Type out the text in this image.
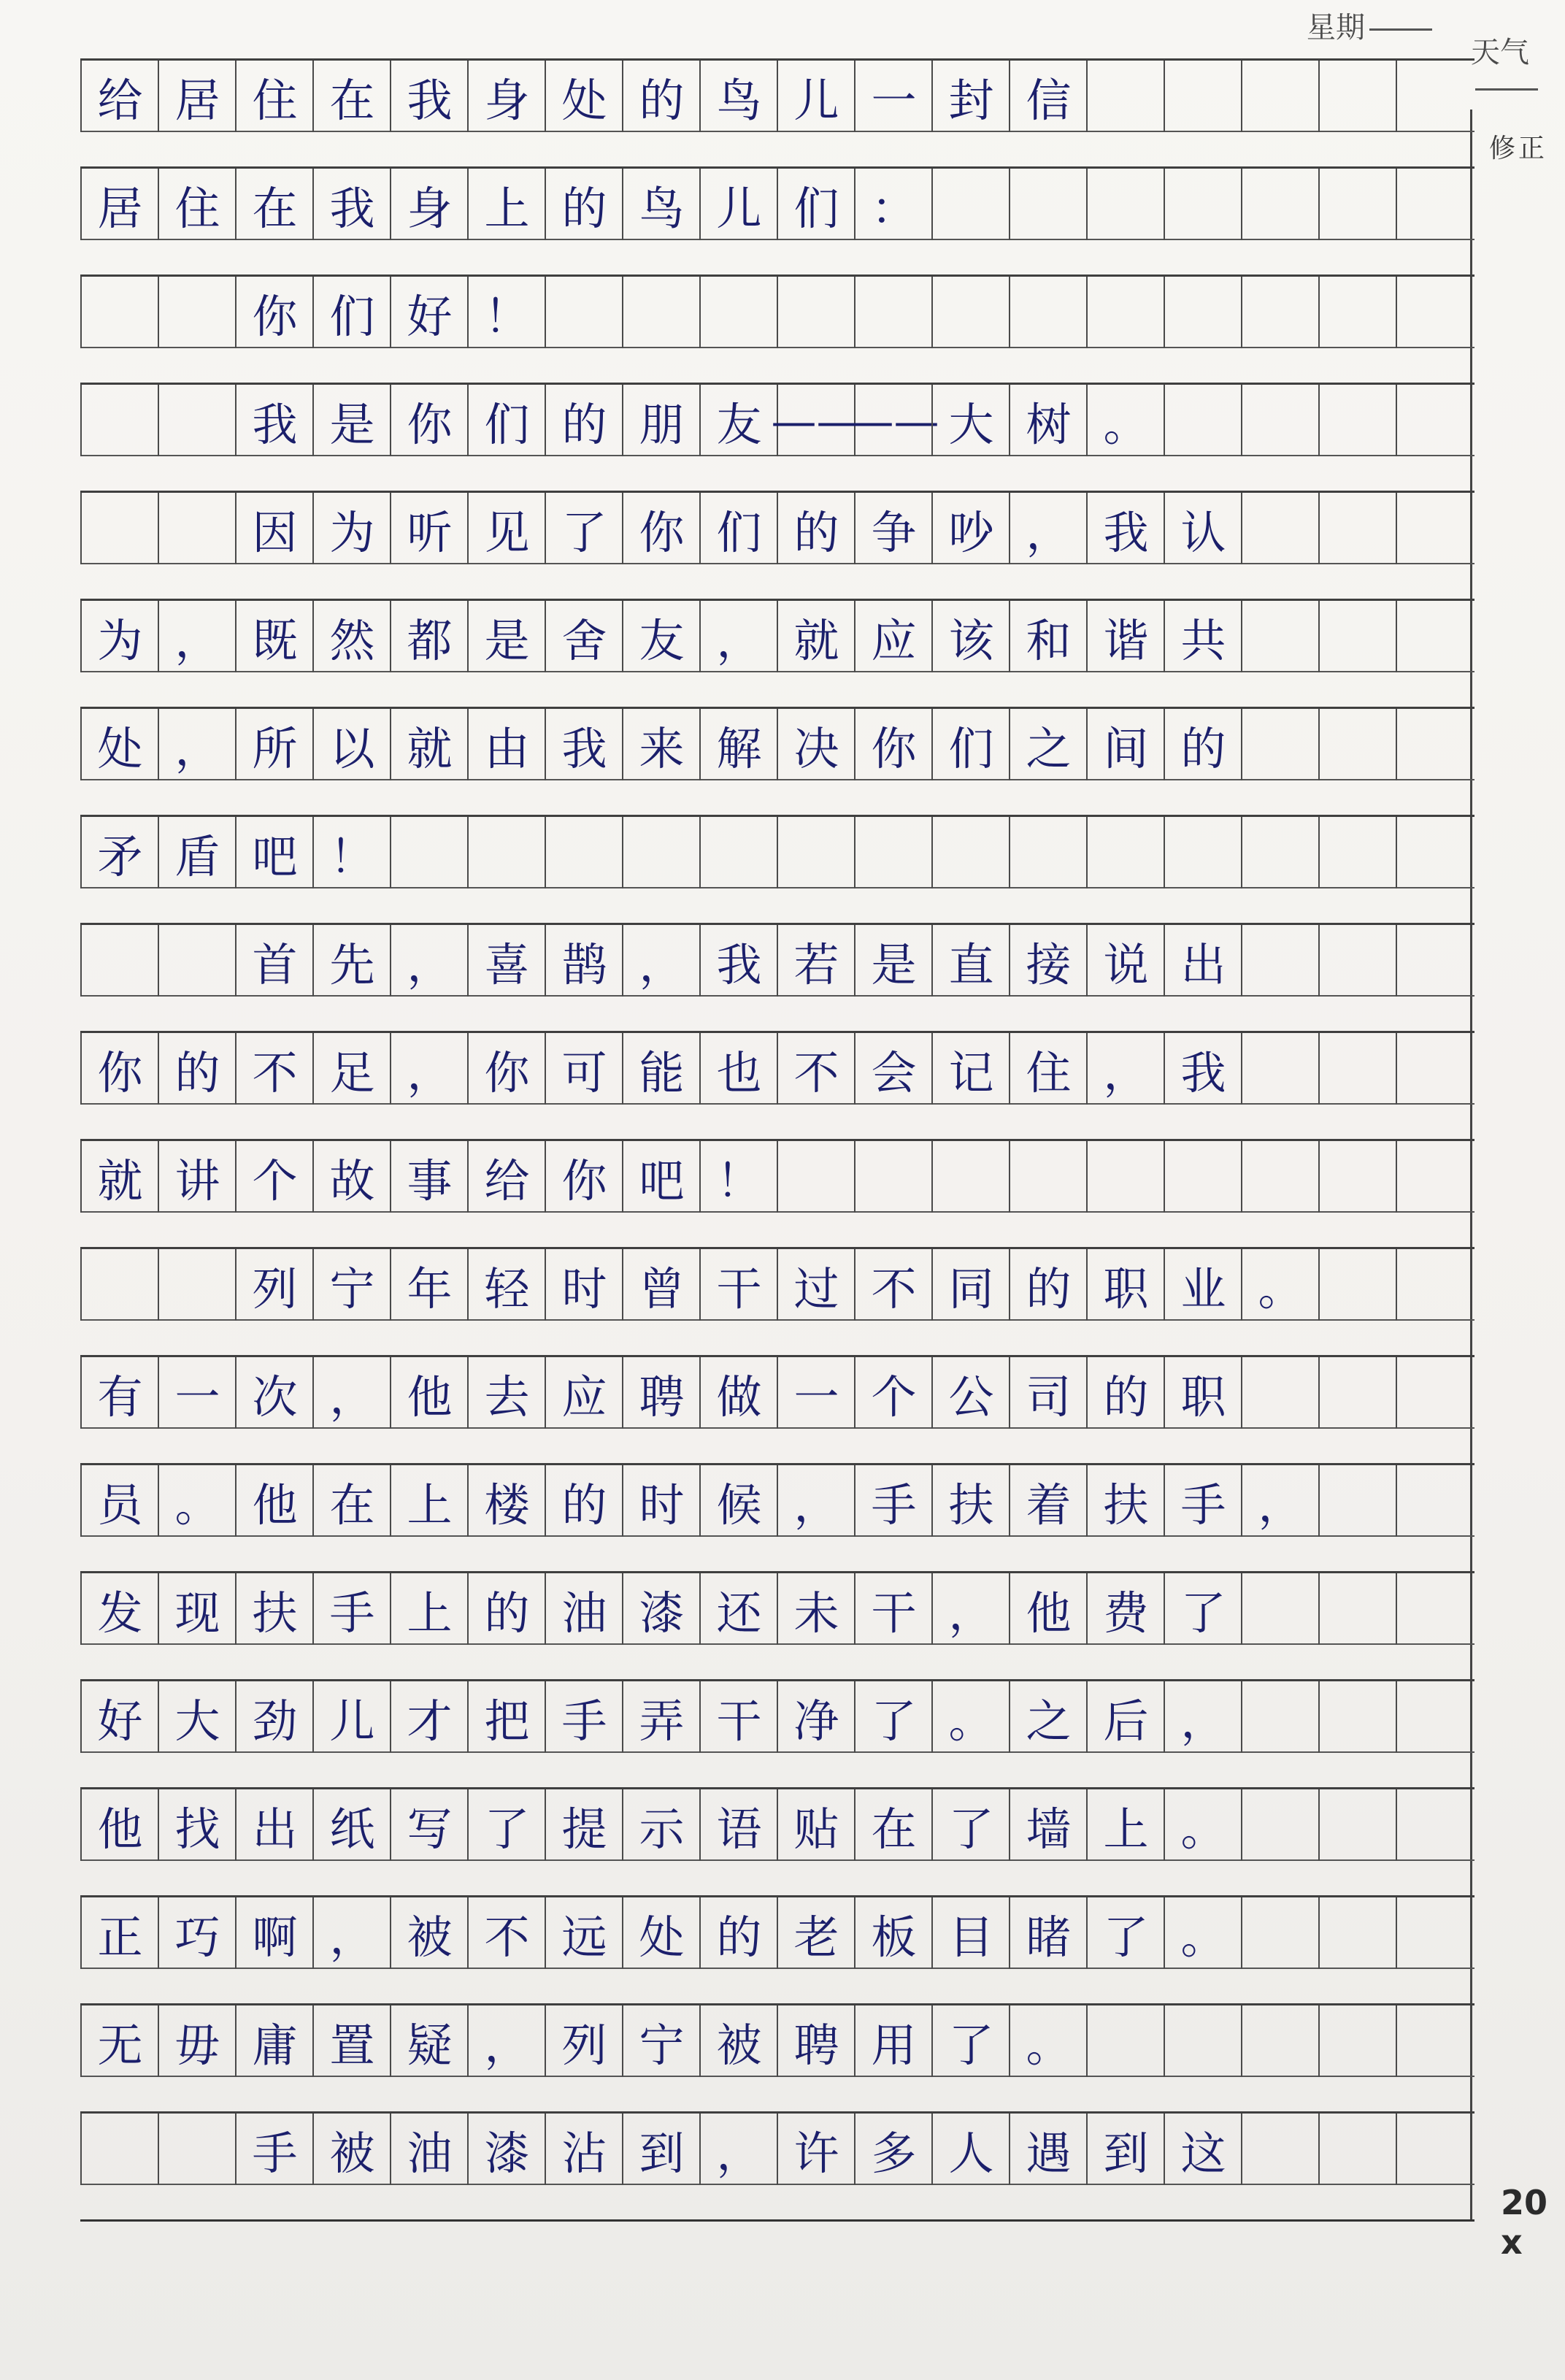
星期
天气
修正
给 居 住 在 我 身 处 的 鸟 儿 一 封 信
居 住 在 我 身 上 的 鸟 儿 们 ：
你 们 好 ！
我 是 你 们 的 朋 友 ——
—— 大 树 。
因 为 听 见 了 你 们 的 争 吵 ， 我 认
为 ， 既 然 都 是 舍 友 ， 就 应 该 和 谐 共
处 ， 所 以 就 由 我 来 解 决 你 们 之 间 的
矛 盾 吧 ！
首 先 ， 喜 鹊 ， 我 若 是 直 接 说 出
你 的 不 足 ， 你 可 能 也 不 会 记 住 ， 我
就 讲 个 故 事 给 你 吧 ！
列 宁 年 轻 时 曾 干 过 不 同 的 职 业 。
有 一 次 ， 他 去 应 聘 做 一 个 公 司 的 职
员 。 他 在 上 楼 的 时 候 ， 手 扶 着 扶 手 ，
发 现 扶 手 上 的 油 漆 还 未 干 ， 他 费 了
好 大 劲 儿 才 把 手 弄 干 净 了 。 之 后 ，
他 找 出 纸 写 了 提 示 语 贴 在 了 墙 上 。
正 巧 啊 ， 被 不 远 处 的 老 板 目 睹 了 。
无 毋 庸 置 疑 ， 列 宁 被 聘 用 了 。
手 被 油 漆 沾 到 ， 许 多 人 遇 到 这
20 x
